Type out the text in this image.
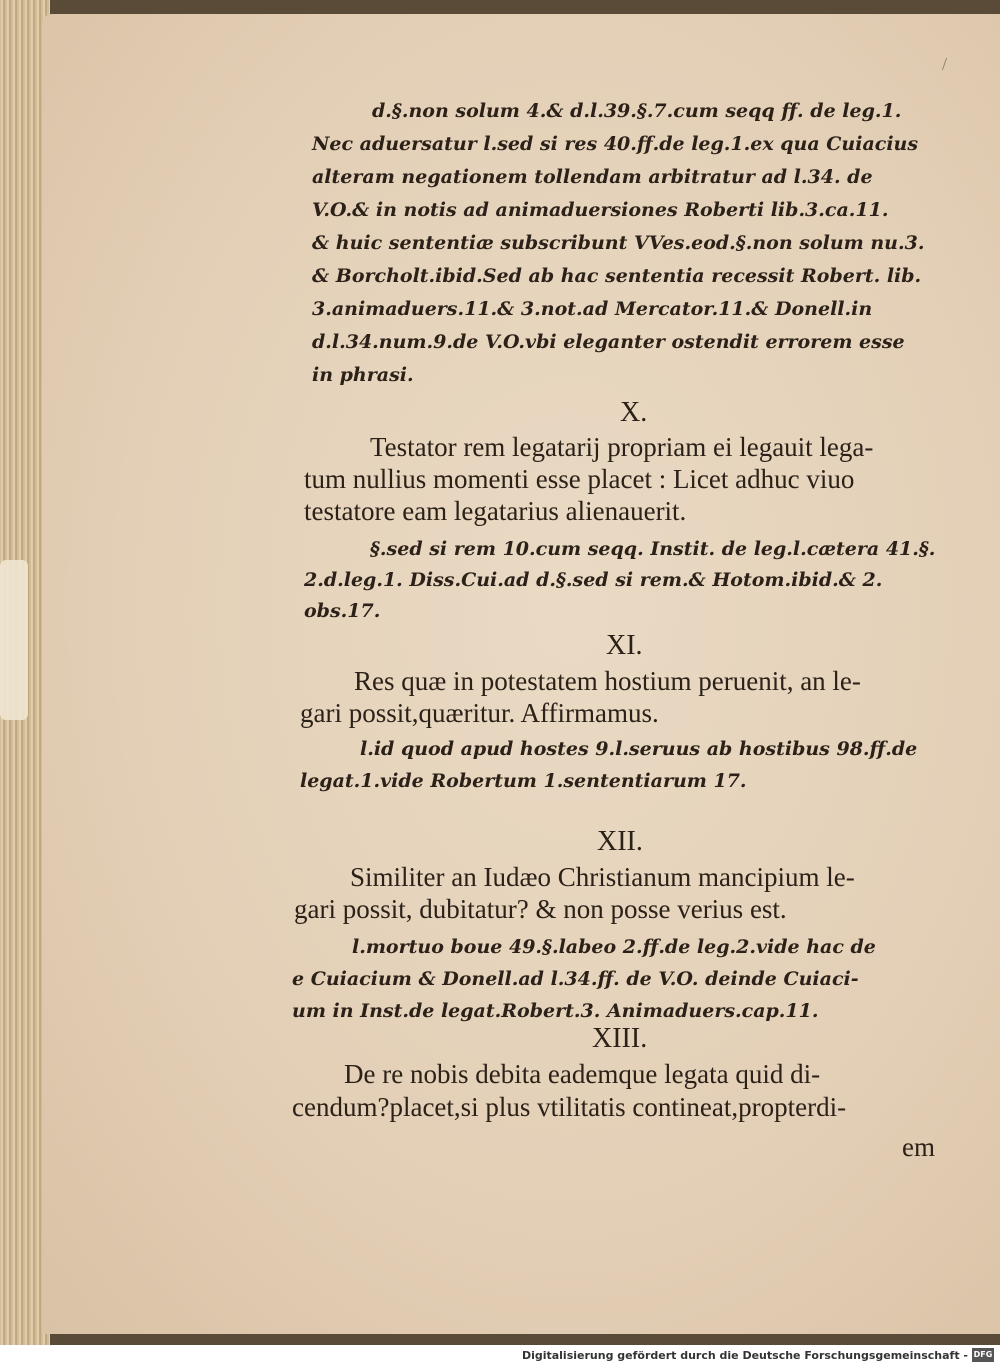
/
d.§.non solum 4.& d.l.39.§.7.cum seqq ff. de leg.1.
Nec aduersatur l.sed si res 40.ff.de leg.1.ex qua Cuiacius
alteram negationem tollendam arbitratur ad l.34. de
V.O.& in notis ad animaduersiones Roberti lib.3.ca.11.
& huic sententiæ subscribunt VVes.eod.§.non solum nu.3.
& Borcholt.ibid.Sed ab hac sententia recessit Robert. lib.
3.animaduers.11.& 3.not.ad Mercator.11.& Donell.in
d.l.34.num.9.de V.O.vbi eleganter ostendit errorem esse
in phrasi.
X.
Testator rem legatarij propriam ei legauit lega-
tum nullius momenti esse placet : Licet adhuc viuo
testatore eam legatarius alienauerit.
§.sed si rem 10.cum seqq. Instit. de leg.l.cætera 41.§.
2.d.leg.1. Diss.Cui.ad d.§.sed si rem.& Hotom.ibid.& 2.
obs.17.
XI.
Res quæ in potestatem hostium peruenit, an le-
gari possit,quæritur. Affirmamus.
l.id quod apud hostes 9.l.seruus ab hostibus 98.ff.de
legat.1.vide Robertum 1.sententiarum 17.
XII.
Similiter an Iudæo Christianum mancipium le-
gari possit, dubitatur? & non posse verius est.
l.mortuo boue 49.§.labeo 2.ff.de leg.2.vide hac de
e Cuiacium & Donell.ad l.34.ff. de V.O. deinde Cuiaci-
um in Inst.de legat.Robert.3. Animaduers.cap.11.
XIII.
De re nobis debita eademque legata quid di-
cendum?placet,si plus vtilitatis contineat,propterdi-
em
Digitalisierung gefördert durch die Deutsche Forschungsgemeinschaft - DFG
